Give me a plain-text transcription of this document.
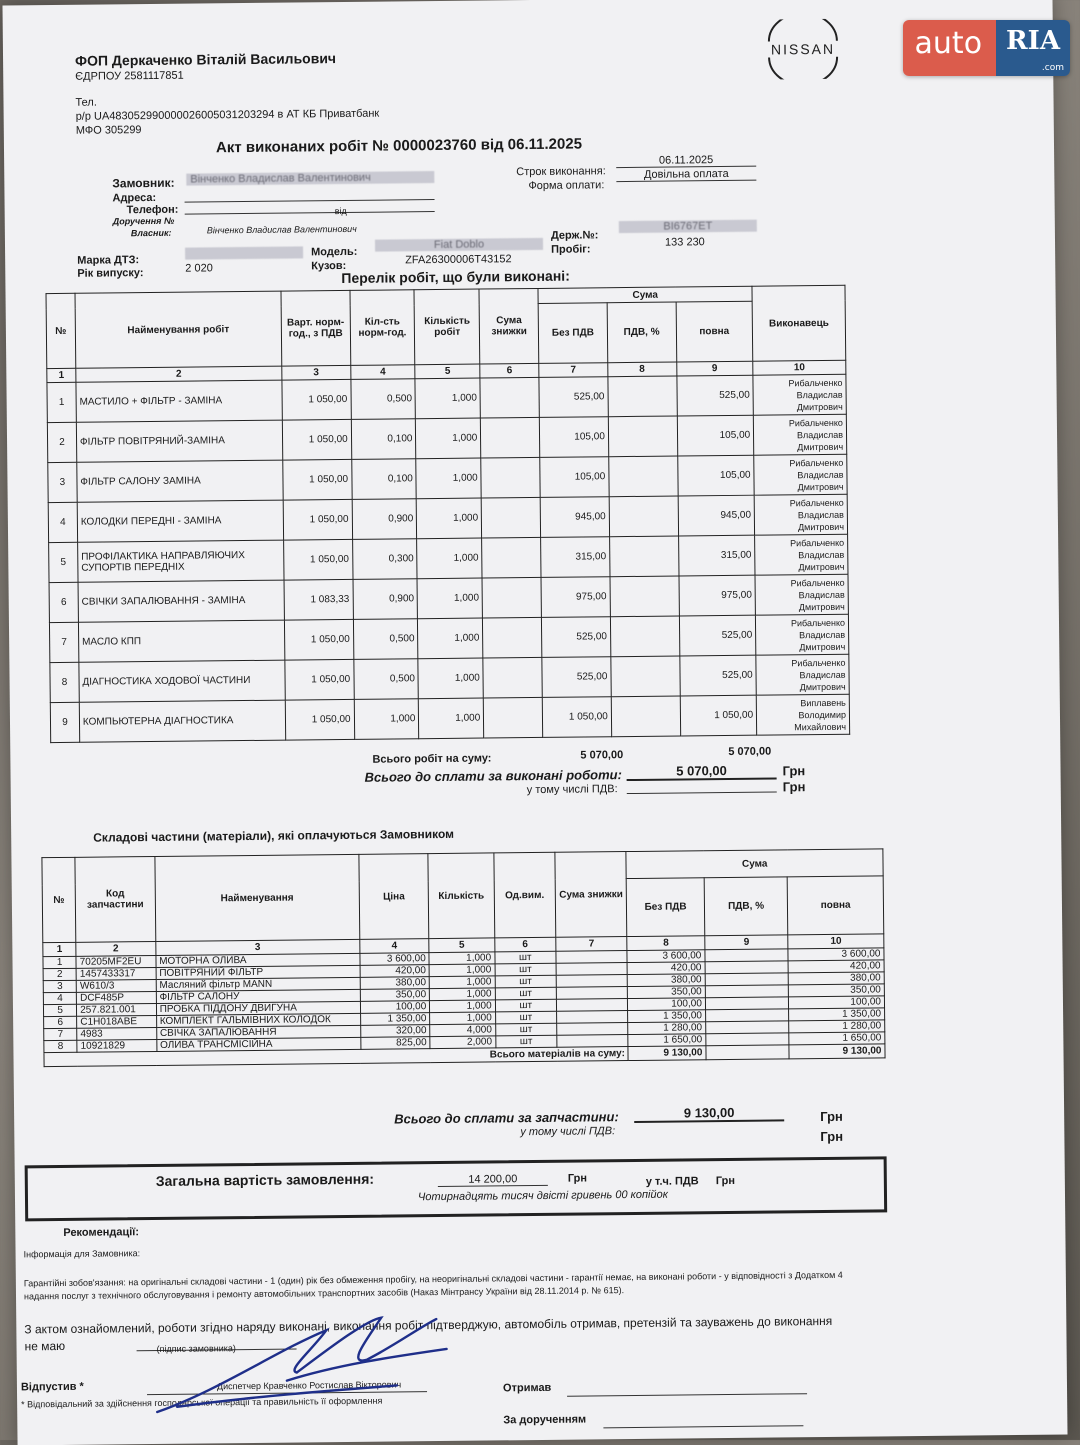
ФОП Деркаченко Віталій Васильович
ЄДРПОУ 2581117851
Тел.
р/р UA483052990000026005031203294 в АТ КБ Приватбанк
МФО 305299
NISSAN
Акт виконаних робіт № 0000023760 від 06.11.2025
Замовник:	Вінченко Владислав Валентинович
Адреса:
Телефон:
Доручення №
від
Власник:	Вінченко Владислав Валентинович
Строк виконання:
06.11.2025
Форма оплати:
Довільна оплата
Марка ДТЗ:
Рік випуску:	2 020
Модель:
Fiat Doblo
Кузов:	ZFA26300006T43152
Держ.№:
BI6767ET
Пробіг:
133 230
Перелік робіт, що були виконані:
№	Найменування робіт	Варт. норм-год., з ПДВ	Кіл-сть норм-год.	Кількість робіт	Сума знижки	Сума			Виконавець
						Без ПДВ	ПДВ, %	повна	
1	2	3	4	5	6	7	8	9	10
1	МАСТИЛО + ФІЛЬТР - ЗАМІНА	1 050,00	0,500	1,000		525,00		525,00	Рибальченко Владислав Дмитрович
2	ФІЛЬТР ПОВІТРЯНИЙ-ЗАМІНА	1 050,00	0,100	1,000		105,00		105,00	Рибальченко Владислав Дмитрович
3	ФІЛЬТР САЛОНУ ЗАМІНА	1 050,00	0,100	1,000		105,00		105,00	Рибальченко Владислав Дмитрович
4	КОЛОДКИ ПЕРЕДНІ - ЗАМІНА	1 050,00	0,900	1,000		945,00		945,00	Рибальченко Владислав Дмитрович
5	ПРОФІЛАКТИКА НАПРАВЛЯЮЧИХ СУПОРТІВ ПЕРЕДНІХ	1 050,00	0,300	1,000		315,00		315,00	Рибальченко Владислав Дмитрович
6	СВІЧКИ ЗАПАЛЮВАННЯ - ЗАМІНА	1 083,33	0,900	1,000		975,00		975,00	Рибальченко Владислав Дмитрович
7	МАСЛО КПП	1 050,00	0,500	1,000		525,00		525,00	Рибальченко Владислав Дмитрович
8	ДІАГНОСТИКА ХОДОВОЇ ЧАСТИНИ	1 050,00	0,500	1,000		525,00		525,00	Рибальченко Владислав Дмитрович
9	КОМПЬЮТЕРНА ДІАГНОСТИКА	1 050,00	1,000	1,000		1 050,00		1 050,00	Виплавень Володимир Михайлович
Всього робіт на суму:	5 070,00	5 070,00
Всього до сплати за виконані роботи:	5 070,00	Грн
у тому числі ПДВ:	Грн
Складові частини (матеріали), які оплачуються Замовником
№	Код запчастини	Найменування	Ціна	Кількість	Од.вим.	Сума знижки	Сума		
							Без ПДВ	ПДВ, %	повна
1	2	3	4	5	6	7	8	9	10
1	70205MF2EU	МОТОРНА ОЛИВА	3 600,00	1,000	шт		3 600,00		3 600,00
2	1457433317	ПОВІТРЯНИЙ ФІЛЬТР	420,00	1,000	шт		420,00		420,00
3	W610/3	Масляний фільтр MANN	380,00	1,000	шт		380,00		380,00
4	DCF485P	ФІЛЬТР САЛОНУ	350,00	1,000	шт		350,00		350,00
5	257.821.001	ПРОБКА ПІДДОНУ ДВИГУНА	100,00	1,000	шт		100,00		100,00
6	C1H018ABE	КОМПЛЕКТ ГАЛЬМІВНИХ КОЛОДОК	1 350,00	1,000	шт		1 350,00		1 350,00
7	4983	СВІЧКА ЗАПАЛЮВАННЯ	320,00	4,000	шт		1 280,00		1 280,00
8	10921829	ОЛИВА ТРАНСМІСІЙНА	825,00	2,000	шт		1 650,00		1 650,00
Всього матеріалів на суму:							9 130,00		9 130,00
Всього до сплати за запчастини:	9 130,00	Грн
у тому числі ПДВ:	Грн
Загальна вартість замовлення:	14 200,00	Грн	у т.ч. ПДВ Грн
Чотирнадцять тисяч двісті гривень 00 копійок
Рекомендації:
Інформація для Замовника:
Гарантійні зобов'язання: на оригінальні складові частини - 1 (один) рік без обмеження пробігу, на неоригінальні складові частини - гарантії немає, на виконані роботи - у відповідності з Додатком 4 надання послуг з технічного обслуговування і ремонту автомобільних транспортних засобів (Наказ Мінтрансу України від 28.11.2014 р. № 615).
З актом ознайомлений, роботи згідно наряду виконані, виконання робіт підтверджую, автомобіль отримав, претензій та зауважень до виконання не маю	(підпис замовника)
Відпустив *	Диспетчер Кравченко Ростислав Вікторович
* Відповідальний за здійснення господарської операції та правильність її оформлення
Отримав
За дорученням
auto RIA
.com
